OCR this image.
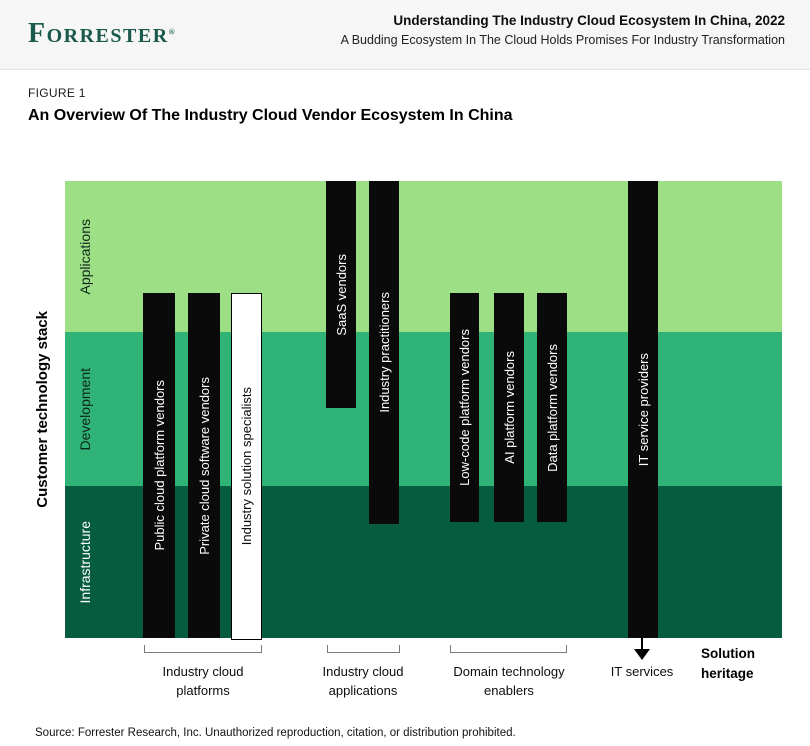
FORRESTER®
Understanding The Industry Cloud Ecosystem In China, 2022
A Budding Ecosystem In The Cloud Holds Promises For Industry Transformation
FIGURE 1
An Overview Of The Industry Cloud Vendor Ecosystem In China
Customer technology stack
Applications
Development
Infrastructure
Public cloud platform vendors Private cloud software vendors Industry solution specialists
SaaS vendors Industry practitioners	Low-code platform vendors AI platform vendors Data platform vendors	IT service providers
Industry cloud
platforms
Industry cloud
applications
Domain technology
enablers
IT services
Solution
heritage
Source: Forrester Research, Inc. Unauthorized reproduction, citation, or distribution prohibited.
